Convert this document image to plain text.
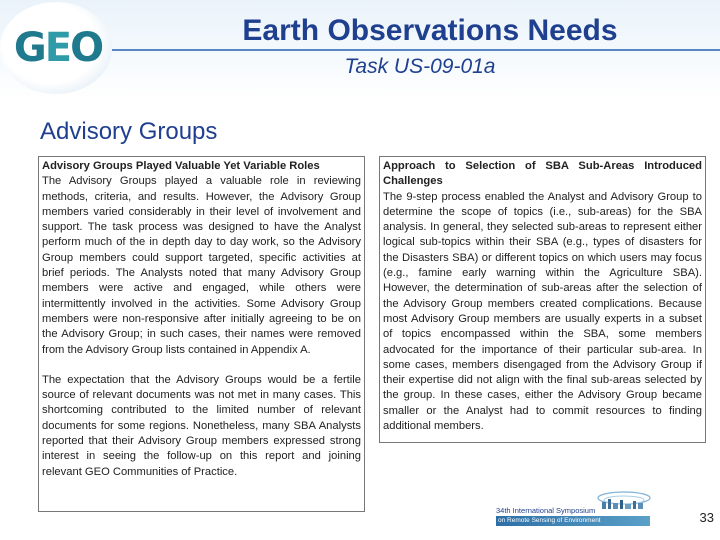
G E O	Earth Observations Needs
Task US-09-01a
Advisory Groups

Advisory Groups Played Valuable Yet Variable Roles

The Advisory Groups played a valuable role in reviewing methods, criteria, and results. However, the Advisory Group members varied considerably in their level of involvement and support. The task process was designed to have the Analyst perform much of the in depth day to day work, so the Advisory Group members could support targeted, specific activities at brief periods. The Analysts noted that many Advisory Group members were active and engaged, while others were intermittently involved in the activities. Some Advisory Group members were non-responsive after initially agreeing to be on the Advisory Group; in such cases, their names were removed from the Advisory Group lists contained in Appendix A.

The expectation that the Advisory Groups would be a fertile source of relevant documents was not met in many cases. This shortcoming contributed to the limited number of relevant documents for some regions. Nonetheless, many SBA Analysts reported that their Advisory Group members expressed strong interest in seeing the follow-up on this report and joining relevant GEO Communities of Practice.

Approach to Selection of SBA Sub-Areas Introduced Challenges

The 9-step process enabled the Analyst and Advisory Group to determine the scope of topics (i.e., sub-areas) for the SBA analysis. In general, they selected sub-areas to represent either logical sub-topics within their SBA (e.g., types of disasters for the Disasters SBA) or different topics on which users may focus (e.g., famine early warning within the Agriculture SBA). However, the determination of sub-areas after the selection of the Advisory Group members created complications. Because most Advisory Group members are usually experts in a subset of topics encompassed within the SBA, some members advocated for the importance of their particular sub-area. In some cases, members disengaged from the Advisory Group if their expertise did not align with the final sub-areas selected by the group. In these cases, either the Advisory Group became smaller or the Analyst had to commit resources to finding additional members.

34th International Symposium
on Remote Sensing of Environment	33
